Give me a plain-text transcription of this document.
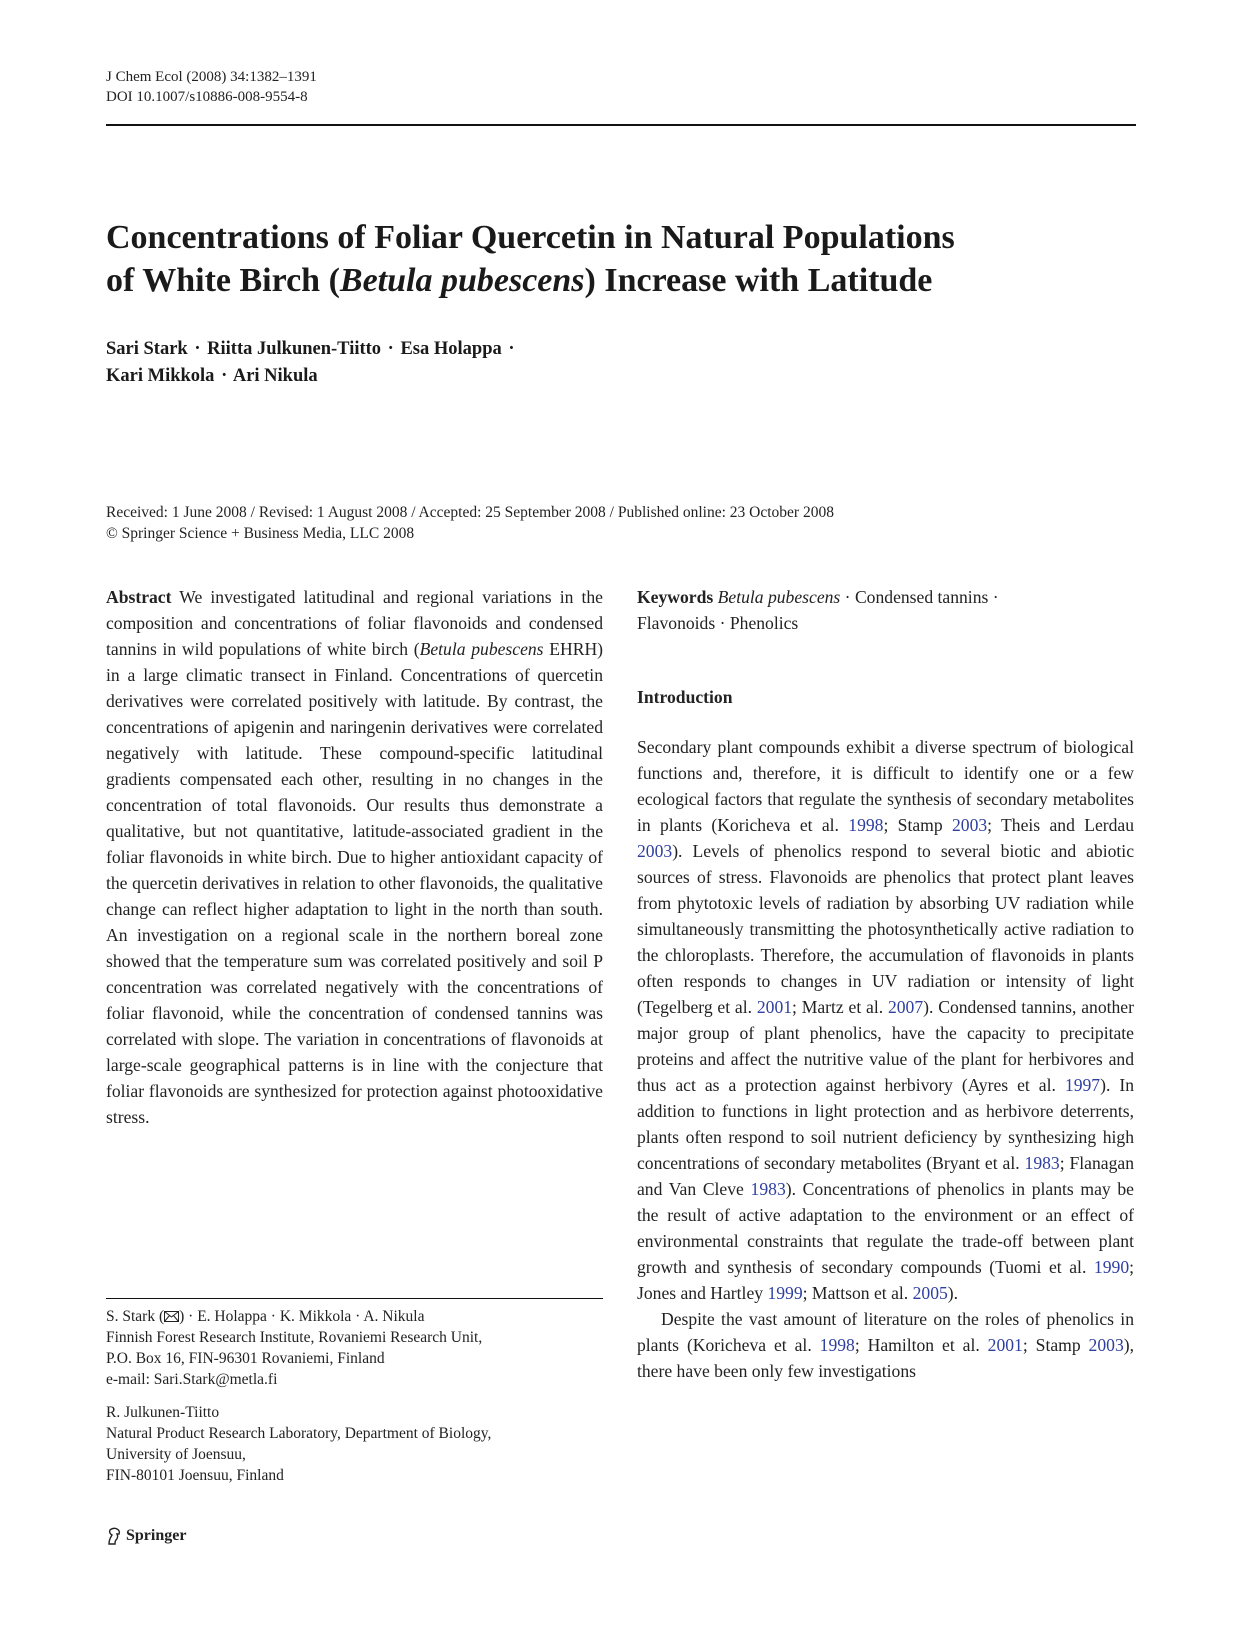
J Chem Ecol (2008) 34:1382–1391
DOI 10.1007/s10886-008-9554-8
Concentrations of Foliar Quercetin in Natural Populations
of White Birch (Betula pubescens) Increase with Latitude
Sari Stark · Riitta Julkunen-Tiitto · Esa Holappa ·
Kari Mikkola · Ari Nikula
Received: 1 June 2008 / Revised: 1 August 2008 / Accepted: 25 September 2008 / Published online: 23 October 2008
© Springer Science + Business Media, LLC 2008

Abstract We investigated latitudinal and regional variations in the composition and concentrations of foliar flavonoids and condensed tannins in wild populations of white birch (Betula pubescens EHRH) in a large climatic transect in Finland. Concentrations of quercetin derivatives were correlated positively with latitude. By contrast, the concentrations of apigenin and naringenin derivatives were correlated negatively with latitude. These compound-specific latitudinal gradients compensated each other, resulting in no changes in the concentration of total flavonoids. Our results thus demonstrate a qualitative, but not quantitative, latitude-associated gradient in the foliar flavonoids in white birch. Due to higher antioxidant capacity of the quercetin derivatives in relation to other flavonoids, the qualitative change can reflect higher adaptation to light in the north than south. An investigation on a regional scale in the northern boreal zone showed that the temperature sum was correlated positively and soil P concentration was correlated negatively with the concentrations of foliar flavonoid, while the concentration of condensed tannins was correlated with slope. The variation in concentrations of flavonoids at large-scale geographical patterns is in line with the conjecture that foliar flavonoids are synthesized for protection against photooxidative stress.

S. Stark ( ) · E. Holappa · K. Mikkola · A. Nikula

Finnish Forest Research Institute, Rovaniemi Research Unit,

P.O. Box 16, FIN-96301 Rovaniemi, Finland

e-mail: Sari.Stark@metla.fi

R. Julkunen-Tiitto

Natural Product Research Laboratory, Department of Biology,

University of Joensuu,

FIN-80101 Joensuu, Finland

Keywords Betula pubescens · Condensed tannins ·
Flavonoids · Phenolics

Introduction

Secondary plant compounds exhibit a diverse spectrum of biological functions and, therefore, it is difficult to identify one or a few ecological factors that regulate the synthesis of secondary metabolites in plants (Koricheva et al. 1998; Stamp 2003; Theis and Lerdau 2003). Levels of phenolics respond to several biotic and abiotic sources of stress. Flavonoids are phenolics that protect plant leaves from phytotoxic levels of radiation by absorbing UV radiation while simultaneously transmitting the photosynthetically active radiation to the chloroplasts. Therefore, the accumulation of flavonoids in plants often responds to changes in UV radiation or intensity of light (Tegelberg et al. 2001; Martz et al. 2007). Condensed tannins, another major group of plant phenolics, have the capacity to precipitate proteins and affect the nutritive value of the plant for herbivores and thus act as a protection against herbivory (Ayres et al. 1997). In addition to functions in light protection and as herbivore deterrents, plants often respond to soil nutrient deficiency by synthesizing high concentrations of secondary metabolites (Bryant et al. 1983; Flanagan and Van Cleve 1983). Concentrations of phenolics in plants may be the result of active adaptation to the environment or an effect of environmental constraints that regulate the trade-off between plant growth and synthesis of secondary compounds (Tuomi et al. 1990; Jones and Hartley 1999; Mattson et al. 2005).

Despite the vast amount of literature on the roles of phenolics in plants (Koricheva et al. 1998; Hamilton et al. 2001; Stamp 2003), there have been only few investigations

Springer
